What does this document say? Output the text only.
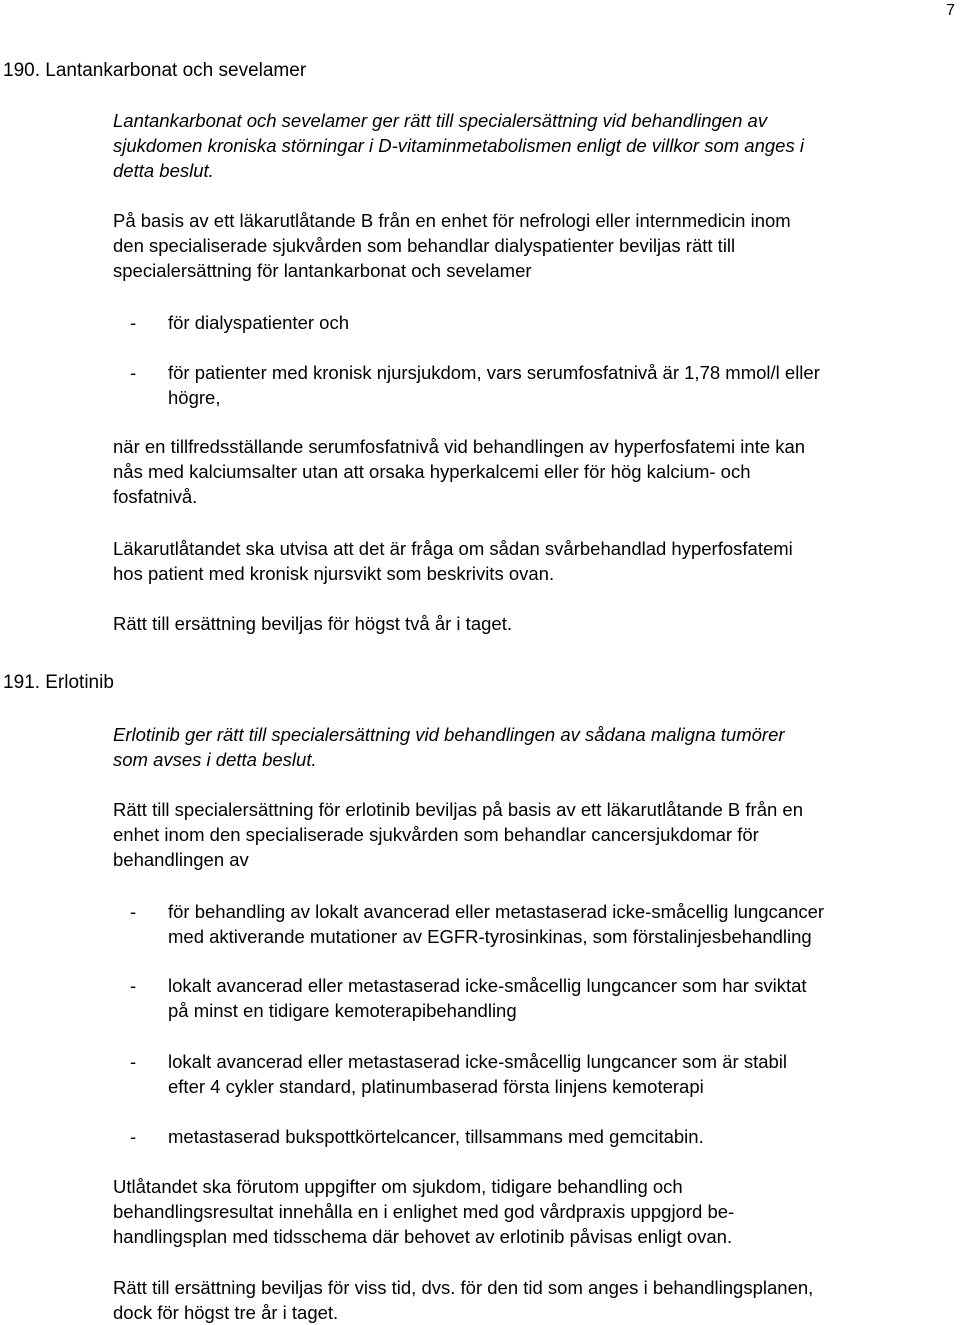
7
190. Lantankarbonat och sevelamer
Lantankarbonat och sevelamer ger rätt till specialersättning vid behandlingen av
sjukdomen kroniska störningar i D-vitaminmetabolismen enligt de villkor som anges i
detta beslut.
På basis av ett läkarutlåtande B från en enhet för nefrologi eller internmedicin inom
den specialiserade sjukvården som behandlar dialyspatienter beviljas rätt till
specialersättning för lantankarbonat och sevelamer
- för dialyspatienter och
- för patienter med kronisk njursjukdom, vars serumfosfatnivå är 1,78 mmol/l eller
högre,
när en tillfredsställande serumfosfatnivå vid behandlingen av hyperfosfatemi inte kan
nås med kalciumsalter utan att orsaka hyperkalcemi eller för hög kalcium- och
fosfatnivå.
Läkarutlåtandet ska utvisa att det är fråga om sådan svårbehandlad hyperfosfatemi
hos patient med kronisk njursvikt som beskrivits ovan.
Rätt till ersättning beviljas för högst två år i taget.
191. Erlotinib
Erlotinib ger rätt till specialersättning vid behandlingen av sådana maligna tumörer
som avses i detta beslut.
Rätt till specialersättning för erlotinib beviljas på basis av ett läkarutlåtande B från en
enhet inom den specialiserade sjukvården som behandlar cancersjukdomar för
behandlingen av
- för behandling av lokalt avancerad eller metastaserad icke-småcellig lungcancer
med aktiverande mutationer av EGFR-tyrosinkinas, som förstalinjesbehandling
- lokalt avancerad eller metastaserad icke-småcellig lungcancer som har sviktat
på minst en tidigare kemoterapibehandling
- lokalt avancerad eller metastaserad icke-småcellig lungcancer som är stabil
efter 4 cykler standard, platinumbaserad första linjens kemoterapi
- metastaserad bukspottkörtelcancer, tillsammans med gemcitabin.
Utlåtandet ska förutom uppgifter om sjukdom, tidigare behandling och
behandlingsresultat innehålla en i enlighet med god vårdpraxis uppgjord be-
handlingsplan med tidsschema där behovet av erlotinib påvisas enligt ovan.
Rätt till ersättning beviljas för viss tid, dvs. för den tid som anges i behandlingsplanen,
dock för högst tre år i taget.
